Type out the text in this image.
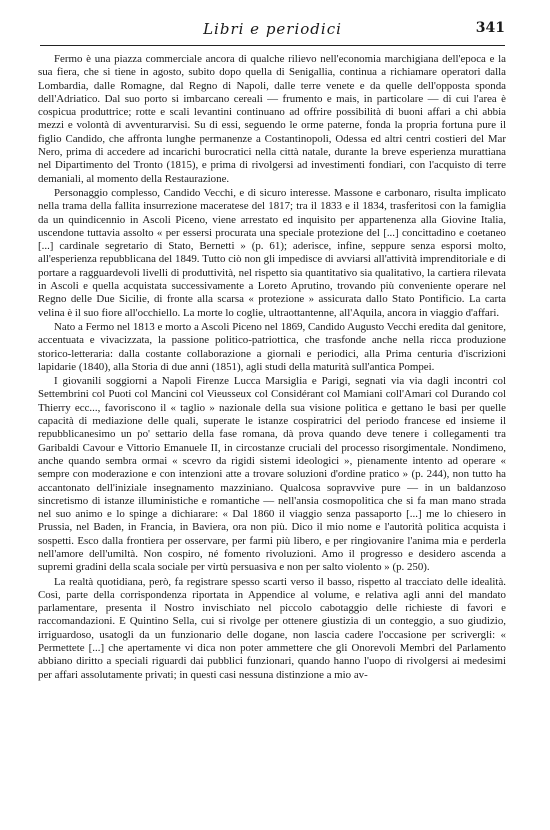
Libri e periodici	341

Fermo è una piazza commerciale ancora di qualche rilievo nell'economia marchigiana dell'epoca e la sua fiera, che si tiene in agosto, subito dopo quella di Senigallia, continua a richiamare operatori dalla Lombardia, dalle Romagne, dal Regno di Napoli, dalle terre venete e da quelle dell'opposta sponda dell'Adriatico. Dal suo porto si imbarcano cereali — frumento e mais, in particolare — di cui l'area è cospicua produttrice; rotte e scali levantini continuano ad offrire possibilità di buoni affari a chi abbia mezzi e volontà di avventurarvisi. Su di essi, seguendo le orme paterne, fonda la propria fortuna pure il figlio Candido, che affronta lunghe permanenze a Costantinopoli, Odessa ed altri centri costieri del Mar Nero, prima di accedere ad incarichi burocratici nella città natale, durante la breve esperienza murattiana nel Dipartimento del Tronto (1815), e prima di rivolgersi ad investimenti fondiari, con l'acquisto di terre demaniali, al momento della Restaurazione.

Personaggio complesso, Candido Vecchi, e di sicuro interesse. Massone e carbonaro, risulta implicato nella trama della fallita insurrezione maceratese del 1817; tra il 1833 e il 1834, trasferitosi con la famiglia da un quindicennio in Ascoli Piceno, viene arrestato ed inquisito per appartenenza alla Giovine Italia, uscendone tuttavia assolto « per essersi procurata una speciale protezione del [...] concittadino e coetaneo [...] cardinale segretario di Stato, Bernetti » (p. 61); aderisce, infine, seppure senza esporsi molto, all'esperienza repubblicana del 1849. Tutto ciò non gli impedisce di avviarsi all'attività imprenditoriale e di portare a ragguardevoli livelli di produttività, nel rispetto sia quantitativo sia qualitativo, la cartiera rilevata in Ascoli e quella acquistata successivamente a Loreto Aprutino, trovando più conveniente operare nel Regno delle Due Sicilie, di fronte alla scarsa « protezione » assicurata dallo Stato Pontificio. La carta velina è il suo fiore all'occhiello. La morte lo coglie, ultraottantenne, all'Aquila, ancora in viaggio d'affari.

Nato a Fermo nel 1813 e morto a Ascoli Piceno nel 1869, Candido Augusto Vecchi eredita dal genitore, accentuata e vivacizzata, la passione politico-patriottica, che trasfonde anche nella ricca produzione storico-letteraria: dalla costante collaborazione a giornali e periodici, alla Prima centuria d'iscrizioni lapidarie (1840), alla Storia di due anni (1851), agli studi della maturità sull'antica Pompei.

I giovanili soggiorni a Napoli Firenze Lucca Marsiglia e Parigi, segnati via via dagli incontri col Settembrini col Puoti col Mancini col Vieusseux col Considérant col Mamiani coll'Amari col Durando col Thierry ecc..., favoriscono il « taglio » nazionale della sua visione politica e gettano le basi per quelle capacità di mediazione delle quali, superate le istanze cospiratrici del periodo francese ed insieme il repubblicanesimo un po' settario della fase romana, dà prova quando deve tenere i collegamenti tra Garibaldi Cavour e Vittorio Emanuele II, in circostanze cruciali del processo risorgimentale. Nondimeno, anche quando sembra ormai « scevro da rigidi sistemi ideologici », pienamente intento ad operare « sempre con moderazione e con intenzioni atte a trovare soluzioni d'ordine pratico » (p. 244), non tutto ha accantonato dell'iniziale insegnamento mazziniano. Qualcosa sopravvive pure — in un baldanzoso sincretismo di istanze illuministiche e romantiche — nell'ansia cosmopolitica che si fa man mano strada nel suo animo e lo spinge a dichiarare: « Dal 1860 il viaggio senza passaporto [...] me lo chiesero in Prussia, nel Baden, in Francia, in Baviera, ora non più. Dico il mio nome e l'autorità politica acquista i sospetti. Esco dalla frontiera per osservare, per farmi più libero, e per ringiovanire l'anima mia e perderla nell'amore dell'umiltà. Non cospiro, né fomento rivoluzioni. Amo il progresso e desidero ascenda a supremi gradini della scala sociale per virtù persuasiva e non per salto violento » (p. 250).

La realtà quotidiana, però, fa registrare spesso scarti verso il basso, rispetto al tracciato delle idealità. Così, parte della corrispondenza riportata in Appendice al volume, e relativa agli anni del mandato parlamentare, presenta il Nostro invischiato nel piccolo cabotaggio delle richieste di favori e raccomandazioni. E Quintino Sella, cui si rivolge per ottenere giustizia di un conteggio, a suo giudizio, irriguardoso, usatogli da un funzionario delle dogane, non lascia cadere l'occasione per scrivergli: « Permettete [...] che apertamente vi dica non poter ammettere che gli Onorevoli Membri del Parlamento abbiano diritto a speciali riguardi dai pubblici funzionari, quando hanno l'uopo di rivolgersi ai medesimi per affari assolutamente privati; in questi casi nessuna distinzione a mio av-
